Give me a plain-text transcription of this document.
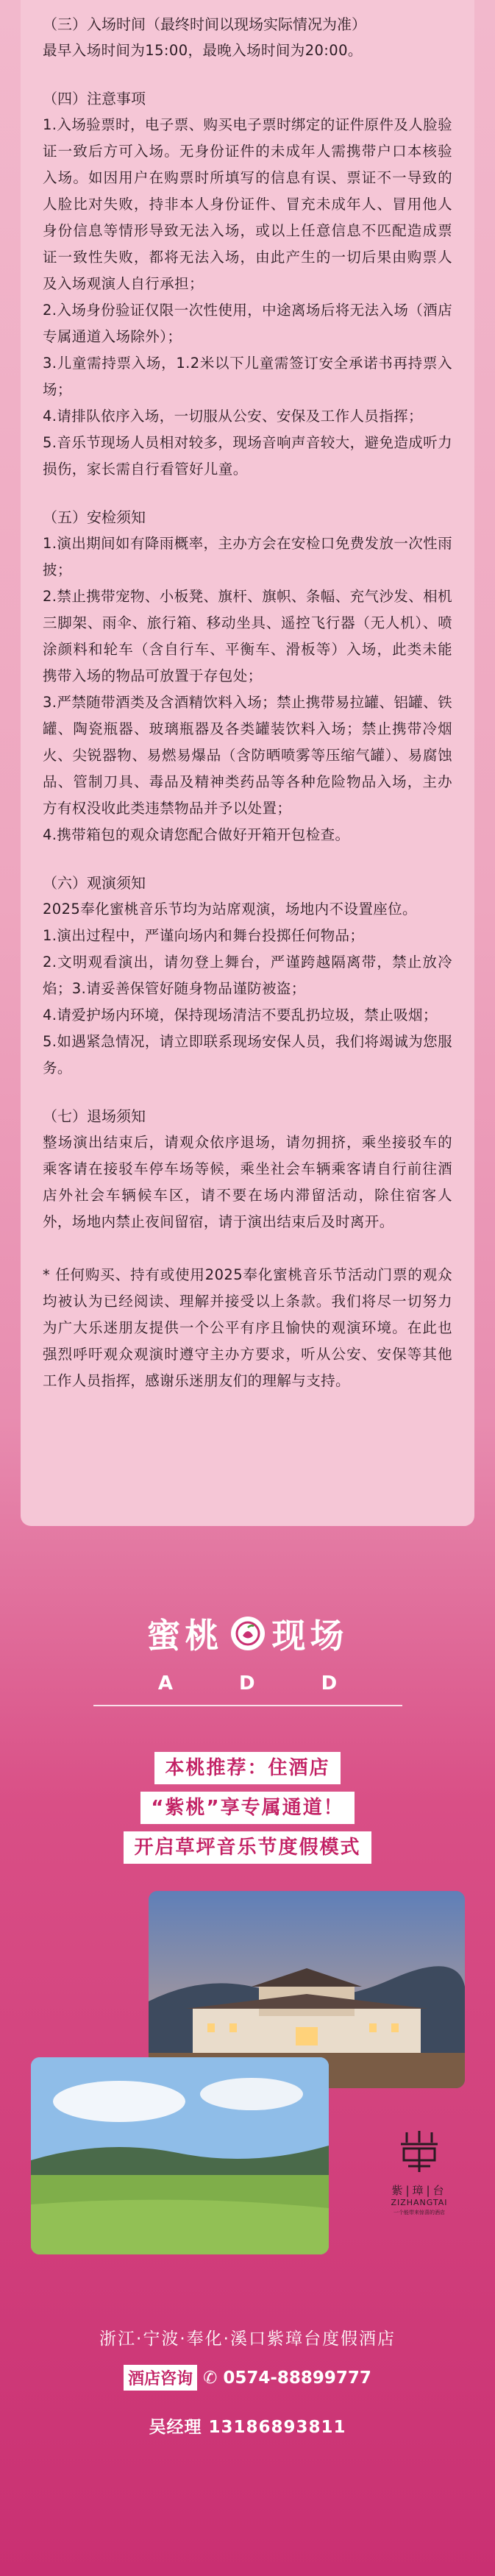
（三）入场时间（最终时间以现场实际情况为准）

最早入场时间为15:00，最晚入场时间为20:00。

（四）注意事项

1.入场验票时，电子票、购买电子票时绑定的证件原件及人脸验证一致后方可入场。无身份证件的未成年人需携带户口本核验入场。如因用户在购票时所填写的信息有误、票证不一导致的人脸比对失败，持非本人身份证件、冒充未成年人、冒用他人身份信息等情形导致无法入场，或以上任意信息不匹配造成票证一致性失败，都将无法入场，由此产生的一切后果由购票人及入场观演人自行承担；

2.入场身份验证仅限一次性使用，中途离场后将无法入场（酒店专属通道入场除外）；

3.儿童需持票入场，1.2米以下儿童需签订安全承诺书再持票入场；

4.请排队依序入场，一切服从公安、安保及工作人员指挥；

5.音乐节现场人员相对较多，现场音响声音较大，避免造成听力损伤，家长需自行看管好儿童。

（五）安检须知

1.演出期间如有降雨概率，主办方会在安检口免费发放一次性雨披；

2.禁止携带宠物、小板凳、旗杆、旗帜、条幅、充气沙发、相机三脚架、雨伞、旅行箱、移动坐具、遥控飞行器（无人机）、喷涂颜料和轮车（含自行车、平衡车、滑板等）入场，此类未能携带入场的物品可放置于存包处；

3.严禁随带酒类及含酒精饮料入场；禁止携带易拉罐、铝罐、铁罐、陶瓷瓶器、玻璃瓶器及各类罐装饮料入场；禁止携带冷烟火、尖锐器物、易燃易爆品（含防晒喷雾等压缩气罐）、易腐蚀品、管制刀具、毒品及精神类药品等各种危险物品入场，主办方有权没收此类违禁物品并予以处置；

4.携带箱包的观众请您配合做好开箱开包检查。

（六）观演须知

2025奉化蜜桃音乐节均为站席观演，场地内不设置座位。

1.演出过程中，严谨向场内和舞台投掷任何物品；

2.文明观看演出，请勿登上舞台，严谨跨越隔离带，禁止放冷焰；3.请妥善保管好随身物品谨防被盗；

4.请爱护场内环境，保持现场清洁不要乱扔垃圾，禁止吸烟；

5.如遇紧急情况，请立即联系现场安保人员，我们将竭诚为您服务。

（七）退场须知

整场演出结束后，请观众依序退场，请勿拥挤，乘坐接驳车的乘客请在接驳车停车场等候，乘坐社会车辆乘客请自行前往酒店外社会车辆候车区，请不要在场内滞留活动，除住宿客人外，场地内禁止夜间留宿，请于演出结束后及时离开。

* 任何购买、持有或使用2025奉化蜜桃音乐节活动门票的观众均被认为已经阅读、理解并接受以上条款。我们将尽一切努力为广大乐迷朋友提供一个公平有序且愉快的观演环境。在此也强烈呼吁观众观演时遵守主办方要求，听从公安、安保等其他工作人员指挥，感谢乐迷朋友们的理解与支持。

蜜桃 现场
A	D	D
本桃推荐：住酒店
“紫桃”享专属通道！
开启草坪音乐节度假模式
紫|璋|台
ZIZHANGTAI
一个能带来惊喜的酒店
浙江·宁波·奉化·溪口紫璋台度假酒店
酒店咨询 ✆ 0574-88899777
吴经理 13186893811
